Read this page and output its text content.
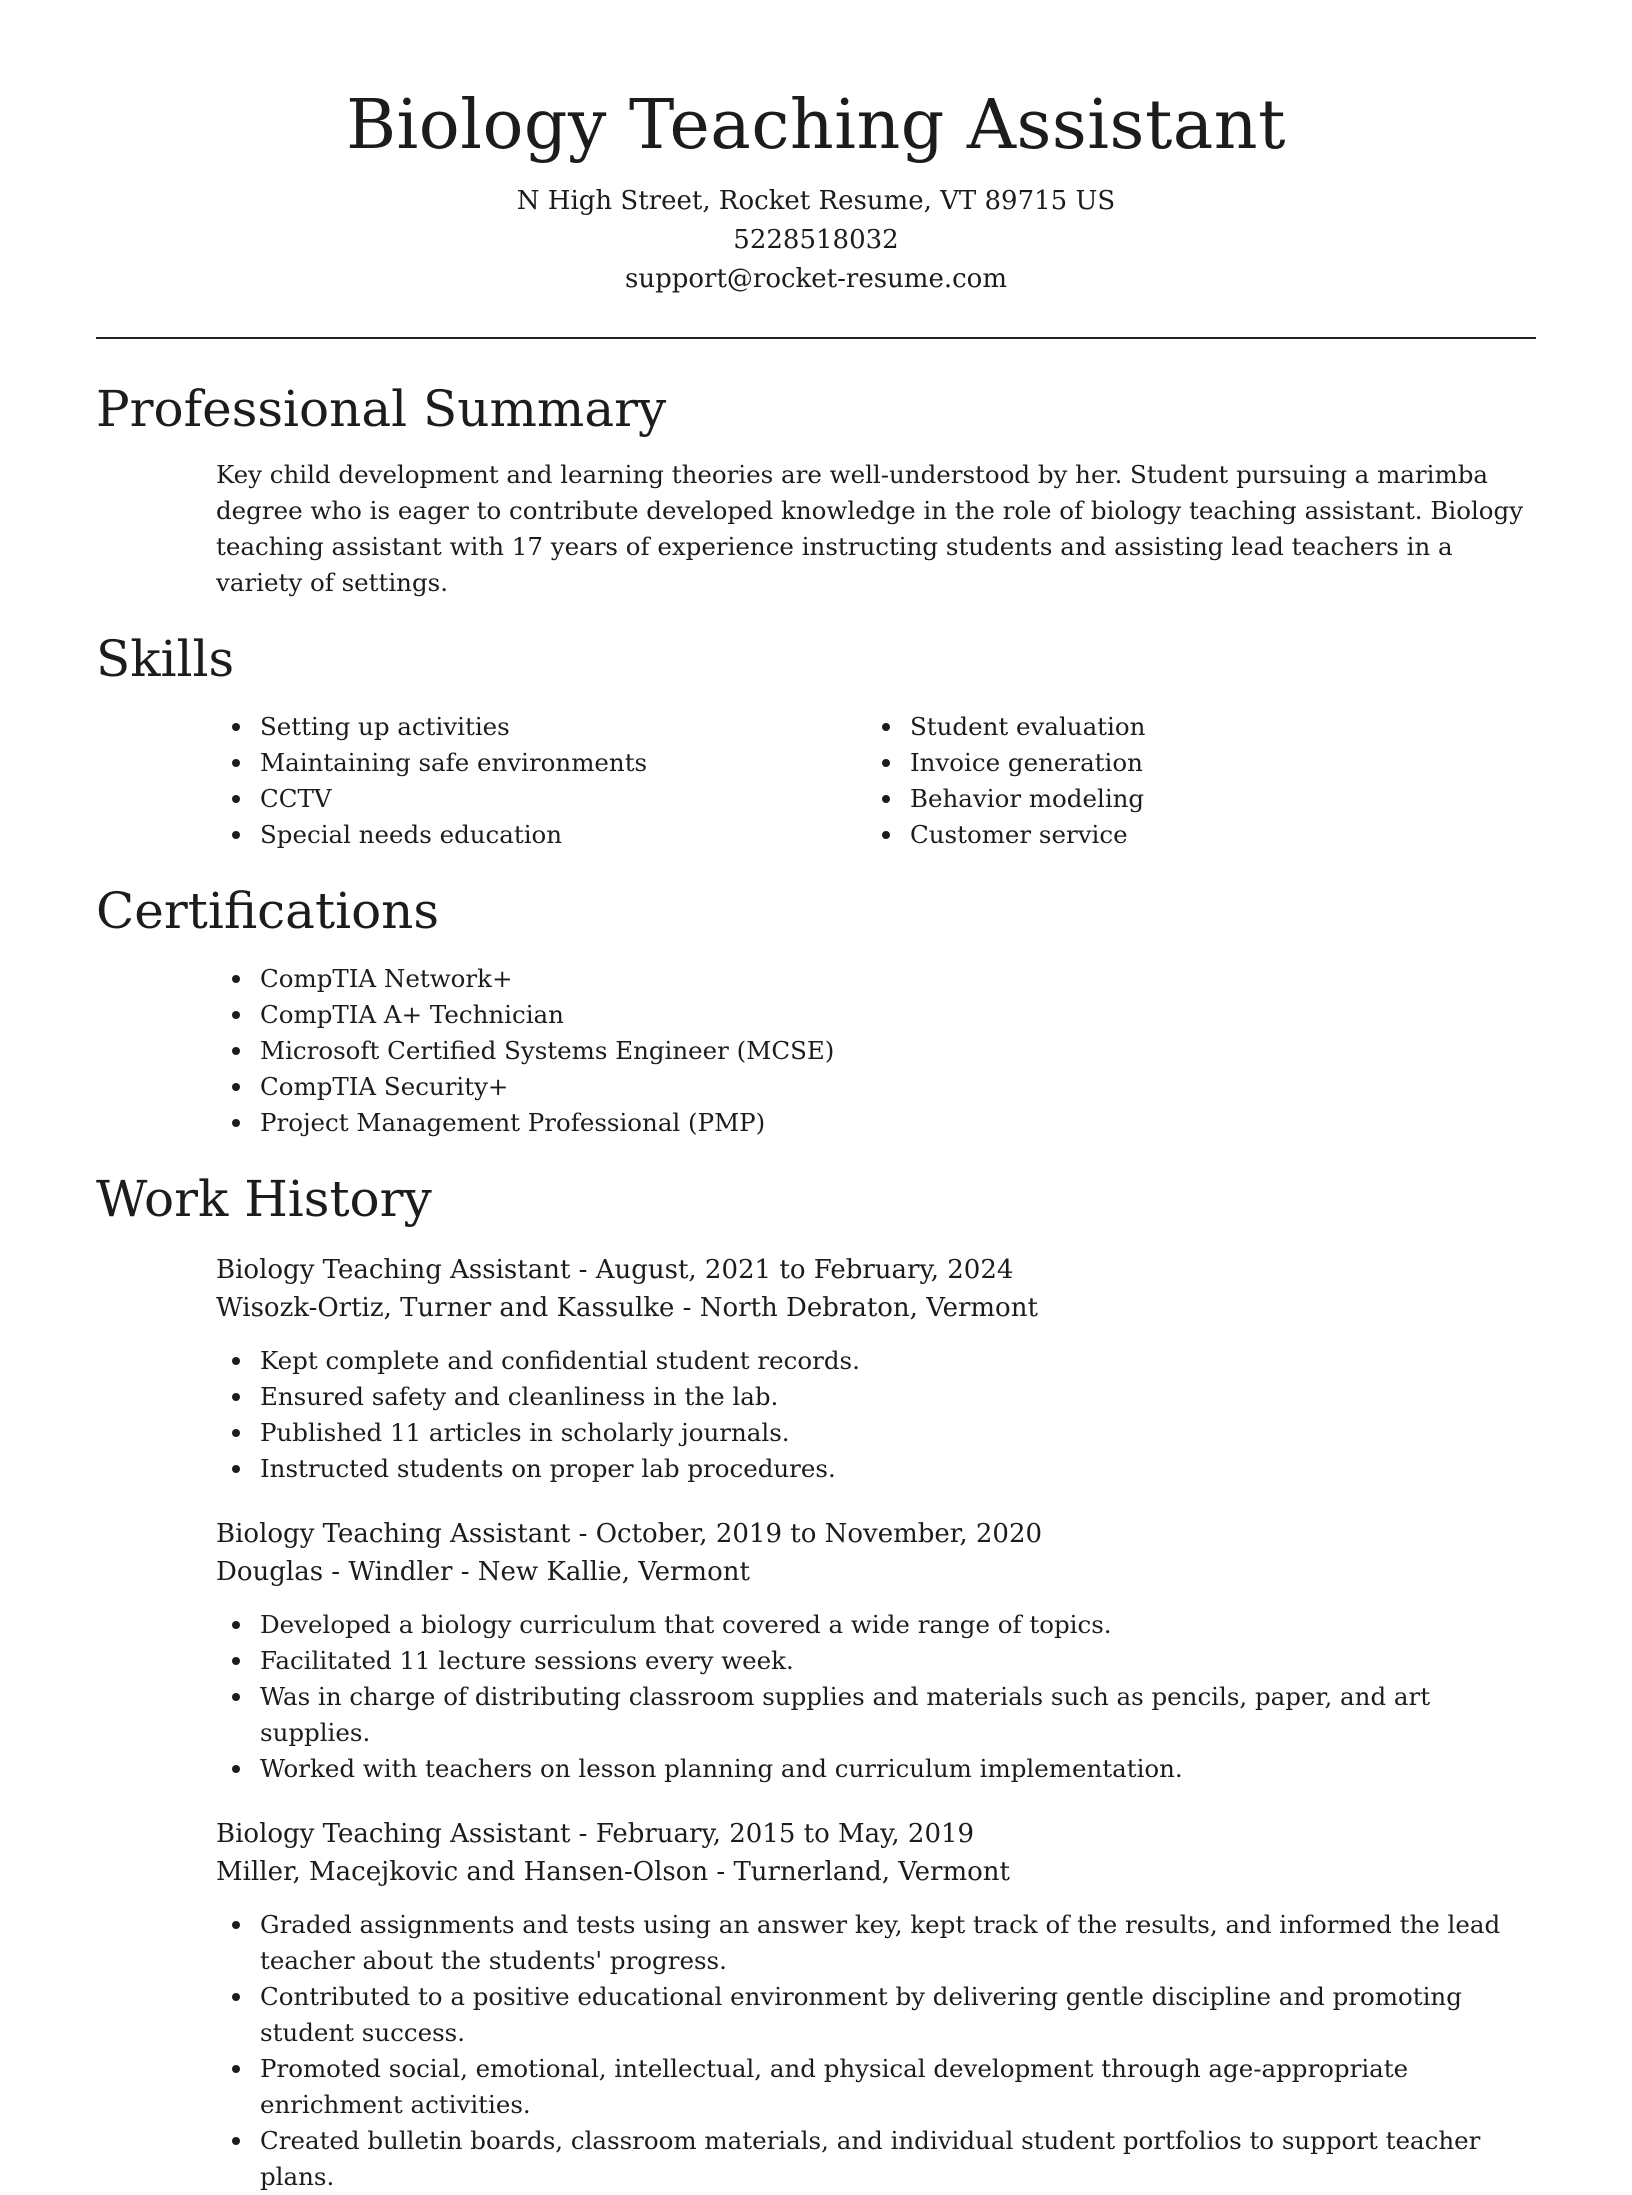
Biology Teaching Assistant

N High Street, Rocket Resume, VT 89715 US

5228518032

support@rocket-resume.com

Professional Summary

Key child development and learning theories are well-understood by her. Student pursuing a marimba degree who is eager to contribute developed knowledge in the role of biology teaching assistant. Biology teaching assistant with 17 years of experience instructing students and assisting lead teachers in a variety of settings.

Skills
Setting up activities
Maintaining safe environments
CCTV
Special needs education
Student evaluation
Invoice generation
Behavior modeling
Customer service
Certifications
CompTIA Network+
CompTIA A+ Technician
Microsoft Certified Systems Engineer (MCSE)
CompTIA Security+
Project Management Professional (PMP)
Work History

Biology Teaching Assistant - August, 2021 to February, 2024

Wisozk-Ortiz, Turner and Kassulke - North Debraton, Vermont

Kept complete and confidential student records.
Ensured safety and cleanliness in the lab.
Published 11 articles in scholarly journals.
Instructed students on proper lab procedures.

Biology Teaching Assistant - October, 2019 to November, 2020

Douglas - Windler - New Kallie, Vermont

Developed a biology curriculum that covered a wide range of topics.
Facilitated 11 lecture sessions every week.
Was in charge of distributing classroom supplies and materials such as pencils, paper, and art supplies.
Worked with teachers on lesson planning and curriculum implementation.

Biology Teaching Assistant - February, 2015 to May, 2019

Miller, Macejkovic and Hansen-Olson - Turnerland, Vermont

Graded assignments and tests using an answer key, kept track of the results, and informed the lead teacher about the students' progress.
Contributed to a positive educational environment by delivering gentle discipline and promoting student success.
Promoted social, emotional, intellectual, and physical development through age-appropriate enrichment activities.
Created bulletin boards, classroom materials, and individual student portfolios to support teacher plans.
